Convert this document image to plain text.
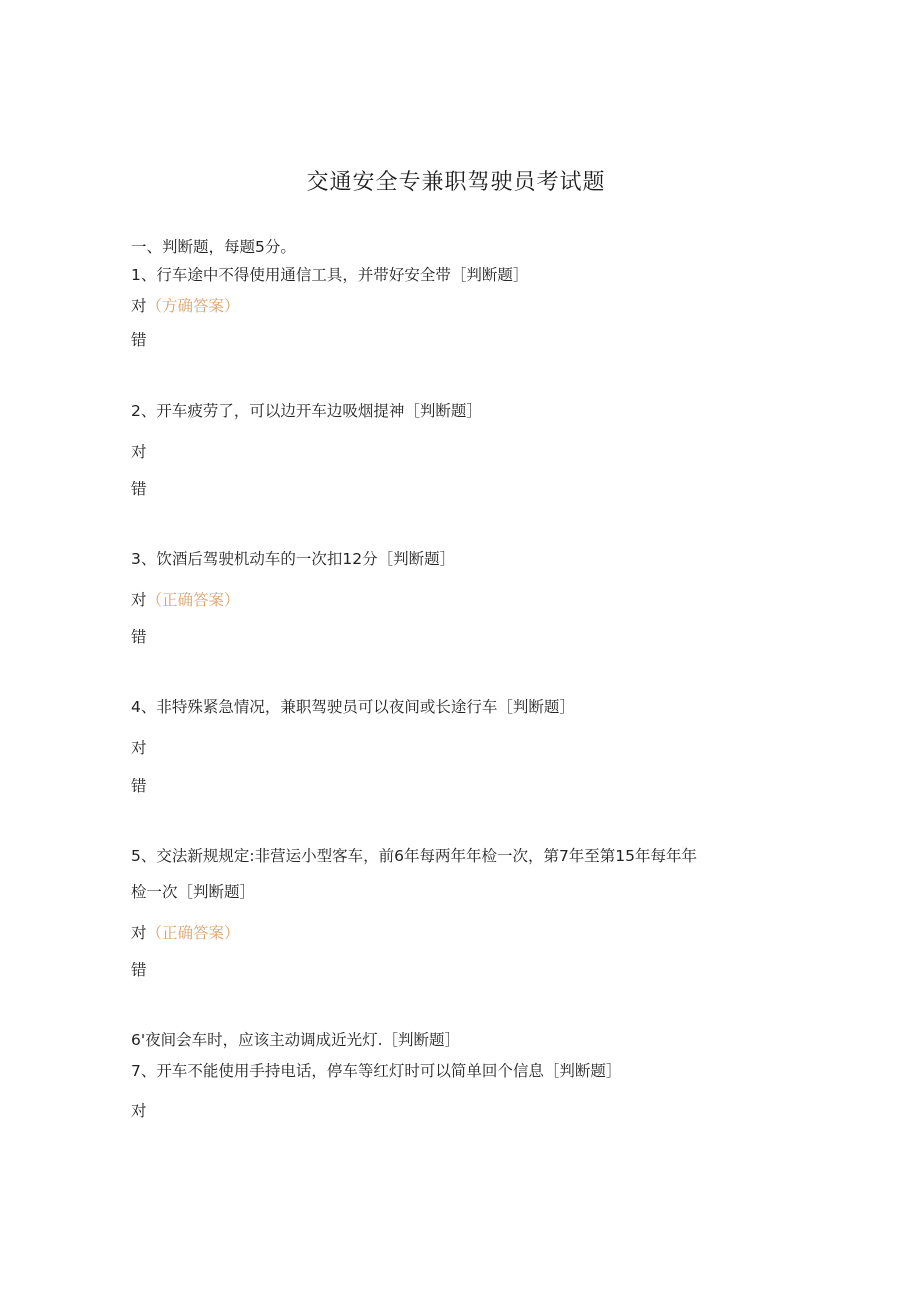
交通安全专兼职驾驶员考试题
一、判断题，每题5分。
1、行车途中不得使用通信工具，并带好安全带［判断题］
对（方确答案）
错
2、开车疲劳了，可以边开车边吸烟提神［判断题］
对
错
3、饮酒后驾驶机动车的一次扣12分［判断题］
对（正确答案）
错
4、非特殊紧急情况，兼职驾驶员可以夜间或长途行车［判断题］
对
错
5、交法新规规定:非营运小型客车，前6年每两年年检一次，第7年至第15年每年年
检一次［判断题］
对（正确答案）
错
6'夜间会车时，应该主动调成近光灯.［判断题］
7、开车不能使用手持电话，停车等红灯时可以简单回个信息［判断题］
对
